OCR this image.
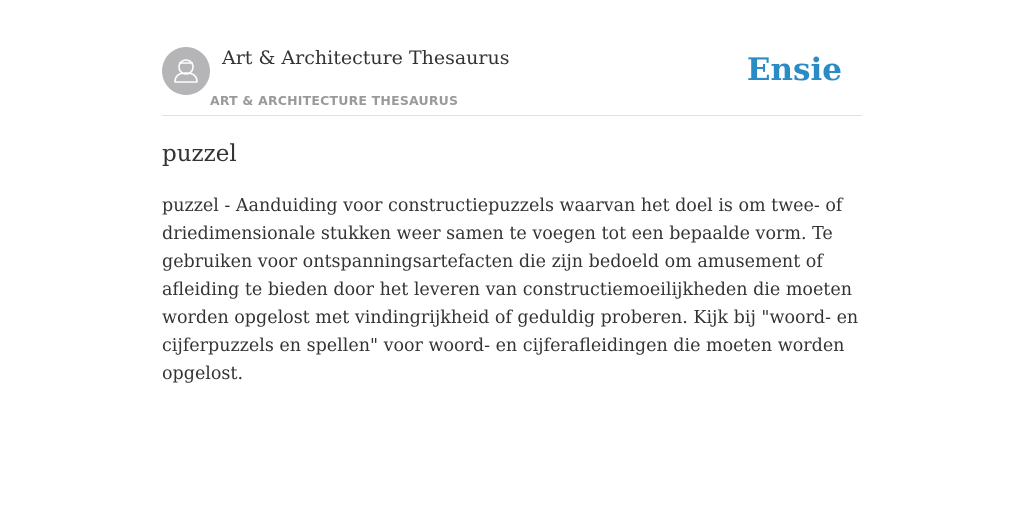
Art & Architecture Thesaurus
ART & ARCHITECTURE THESAURUS
Ensie
puzzel

puzzel - Aanduiding voor constructiepuzzels waarvan het doel is om twee- of driedimensionale stukken weer samen te voegen tot een bepaalde vorm. Te gebruiken voor ontspanningsartefacten die zijn bedoeld om amusement of afleiding te bieden door het leveren van constructiemoeilijkheden die moeten worden opgelost met vindingrijkheid of geduldig proberen. Kijk bij "woord- en cijferpuzzels en spellen" voor woord- en cijferafleidingen die moeten worden opgelost.
